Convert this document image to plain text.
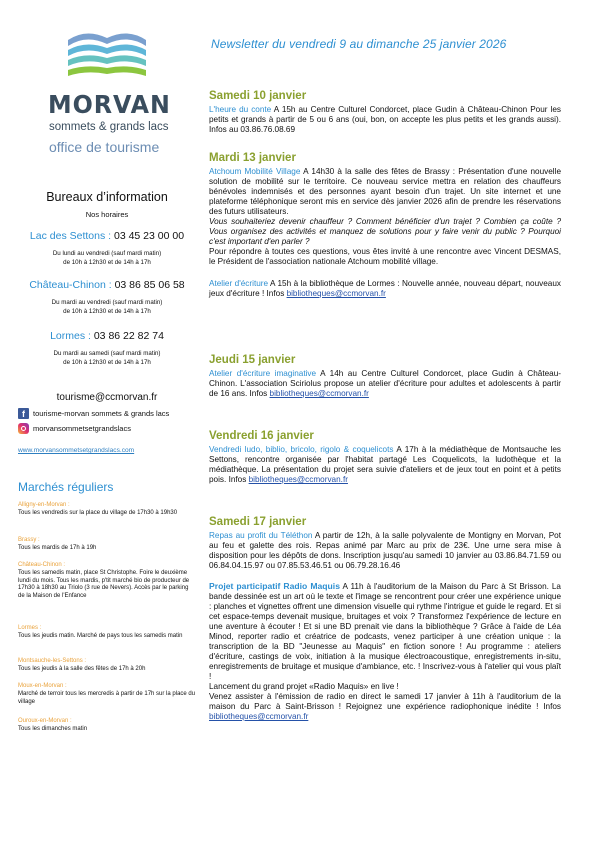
MORVAN
sommets & grands lacs
office de tourisme
Bureaux d’information
Nos horaires
Lac des Settons : 03 45 23 00 00
Du lundi au vendredi (sauf mardi matin)
de 10h à 12h30 et de 14h à 17h
Château-Chinon : 03 86 85 06 58
Du mardi au vendredi (sauf mardi matin)
de 10h à 12h30 et de 14h à 17h
Lormes : 03 86 22 82 74
Du mardi au samedi (sauf mardi matin)
de 10h à 12h30 et de 14h à 17h
tourisme@ccmorvan.fr
f	tourisme-morvan sommets & grands lacs
morvansommetsetgrandslacs
www.morvansommetsetgrandslacs.com
Marchés réguliers
Alligny-en-Morvan :
Tous les vendredis sur la place du village de 17h30 à 19h30
Brassy :
Tous les mardis de 17h à 19h
Château-Chinon :
Tous les samedis matin, place St Christophe. Foire le deuxième lundi du mois. Tous les mardis, p'tit marché bio de producteur de 17h30 à 18h30 au Triolo (3 rue de Nevers). Accès par le parking de la Maison de l'Enfance
Lormes :
Tous les jeudis matin. Marché de pays tous les samedis matin
Montsauche-les-Settons :
Tous les jeudis à la salle des fêtes de 17h à 20h
Moux-en-Morvan :
Marché de terroir tous les mercredis à partir de 17h sur la place du village
Ouroux-en-Morvan :
Tous les dimanches matin
Newsletter du vendredi 9 au dimanche 25 janvier 2026
Samedi 10 janvier
L'heure du conte A 15h au Centre Culturel Condorcet, place Gudin à Château-Chinon Pour les petits et grands à partir de 5 ou 6 ans (oui, bon, on accepte les plus petits et les grands aussi). Infos au 03.86.76.08.69
Mardi 13 janvier
Atchoum Mobilité Village A 14h30 à la salle des fêtes de Brassy : Présentation d'une nouvelle solution de mobilité sur le territoire. Ce nouveau service mettra en relation des chauffeurs bénévoles indemnisés et des personnes ayant besoin d'un trajet. Un site internet et une plateforme téléphonique seront mis en service dès janvier 2026 afin de prendre les réservations des futurs utilisateurs.
Vous souhaiteriez devenir chauffeur ? Comment bénéficier d'un trajet ? Combien ça coûte ? Vous organisez des activités et manquez de solutions pour y faire venir du public ? Pourquoi c'est important d'en parler ?
Pour répondre à toutes ces questions, vous êtes invité à une rencontre avec Vincent DESMAS, le Président de l'association nationale Atchoum mobilité village.
Atelier d'écriture A 15h à la bibliothèque de Lormes : Nouvelle année, nouveau départ, nouveaux jeux d'écriture ! Infos bibliotheques@ccmorvan.fr
Jeudi 15 janvier
Atelier d'écriture imaginative A 14h au Centre Culturel Condorcet, place Gudin à Château-Chinon. L'association Sciriolus propose un atelier d'écriture pour adultes et adolescents à partir de 16 ans. Infos bibliotheques@ccmorvan.fr
Vendredi 16 janvier
Vendredi ludo, biblio, bricolo, rigolo & coquelicots A 17h à la médiathèque de Montsauche les Settons, rencontre organisée par l'habitat partagé Les Coquelicots, la ludothèque et la médiathèque. La présentation du projet sera suivie d'ateliers et de jeux tout en point et à petits pois. Infos bibliotheques@ccmorvan.fr
Samedi 17 janvier
Repas au profit du Téléthon A partir de 12h, à la salle polyvalente de Montigny en Morvan, Pot au feu et galette des rois. Repas animé par Marc au prix de 23€. Une urne sera mise à disposition pour les dépôts de dons. Inscription jusqu'au samedi 10 janvier au 03.86.84.71.59 ou 06.84.04.15.97 ou 07.85.53.46.51 ou 06.79.28.16.46
Projet participatif Radio Maquis A 11h à l'auditorium de la Maison du Parc à St Brisson. La bande dessinée est un art où le texte et l'image se rencontrent pour créer une expérience unique : planches et vignettes offrent une dimension visuelle qui rythme l'intrigue et guide le regard. Et si cet espace-temps devenait musique, bruitages et voix ? Transformez l'expérience de lecture en une aventure à écouter ! Et si une BD prenait vie dans la bibliothèque ? Grâce à l'aide de Léa Minod, reporter radio et créatrice de podcasts, venez participer à une création unique : la transcription de la BD "Jeunesse au Maquis" en fiction sonore ! Au programme : ateliers d'écriture, castings de voix, initiation à la musique électroacoustique, enregistrements in-situ, enregistrements de bruitage et musique d'ambiance, etc. ! Inscrivez-vous à l'atelier qui vous plaît !
Lancement du grand projet «Radio Maquis» en live !
Venez assister à l'émission de radio en direct le samedi 17 janvier à 11h à l'auditorium de la maison du Parc à Saint-Brisson ! Rejoignez une expérience radiophonique inédite ! Infos bibliotheques@ccmorvan.fr
